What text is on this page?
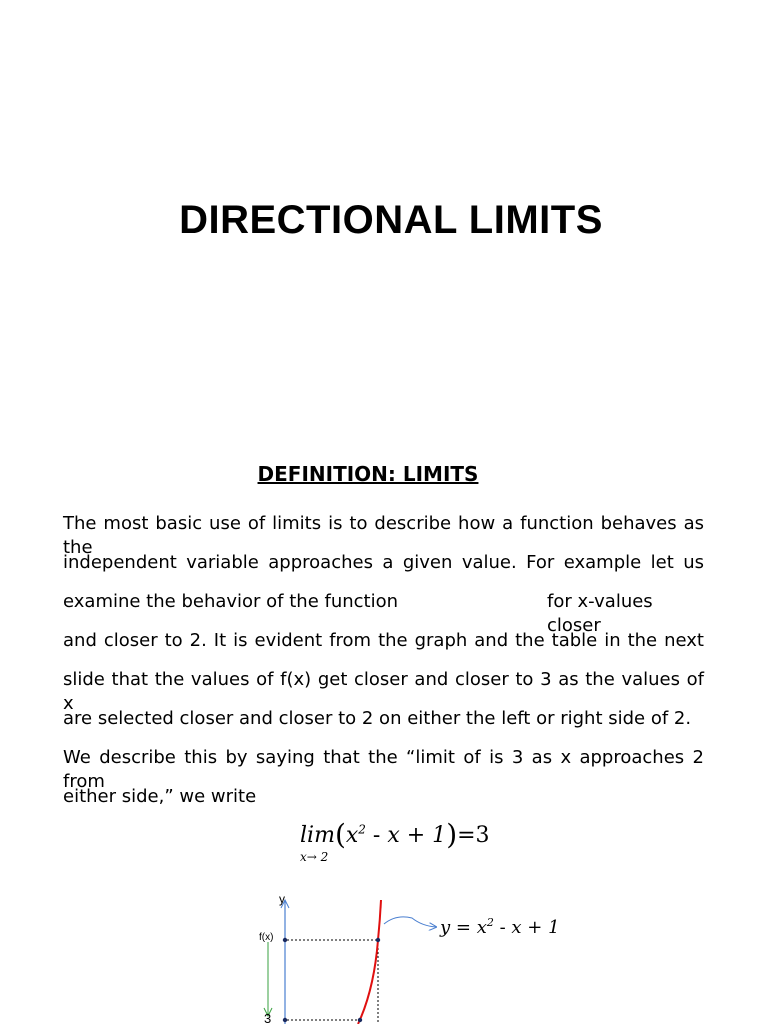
DIRECTIONAL LIMITS
DEFINITION: LIMITS
The most basic use of limits is to describe how a function behaves as the
independent variable approaches a given value. For example let us
examine the behavior of the function	for x-values closer
and closer to 2. It is evident from the graph and the table in the next
slide that the values of f(x) get closer and closer to 3 as the values of x
are selected closer and closer to 2 on either the left or right side of 2.
We describe this by saying that the “limit of is 3 as x approaches 2 from
either side,” we write
$\lim(x^2 - x + 1)=3$
x→ 2
y
f(x)
3
$y = x^2 - x + 1$
